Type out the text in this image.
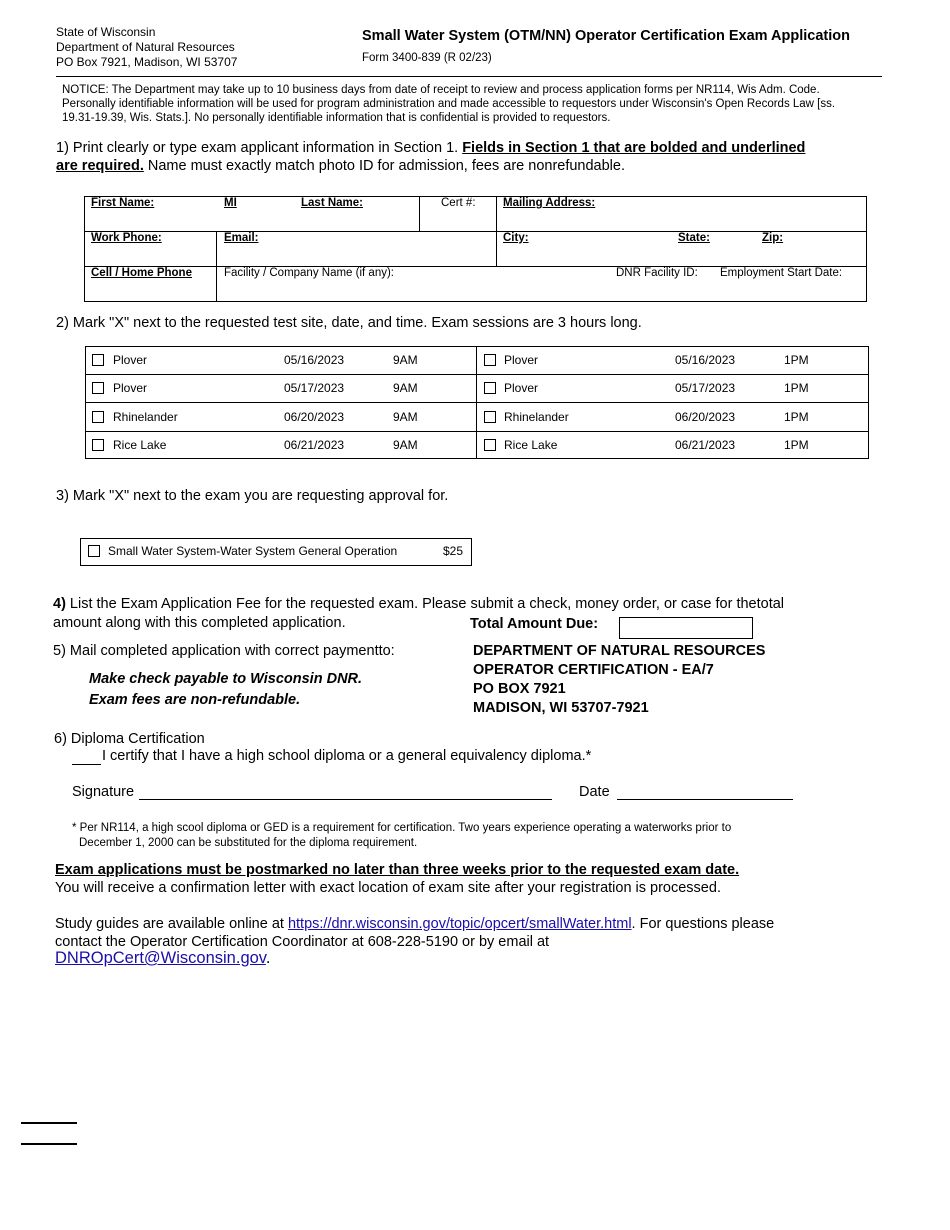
State of Wisconsin
Department of Natural Resources
PO Box 7921, Madison, WI 53707
Small Water System (OTM/NN) Operator Certification Exam Application
Form 3400-839 (R 02/23)
NOTICE: The Department may take up to 10 business days from date of receipt to review and process application forms per NR114, Wis Adm. Code. Personally identifiable information will be used for program administration and made accessible to requestors under Wisconsin's Open Records Law [ss. 19.31-19.39, Wis. Stats.]. No personally identifiable information that is confidential is provided to requestors.
1) Print clearly or type exam applicant information in Section 1. Fields in Section 1 that are bolded and underlined are required. Name must exactly match photo ID for admission, fees are nonrefundable.
First Name:	MI	Last Name:	Cert #: Mailing Address:
Work Phone:	Email:	City:	State:	Zip:
Cell / Home Phone	Facility / Company Name (if any):	DNR Facility ID: Employment Start Date:
2) Mark "X" next to the requested test site, date, and time. Exam sessions are 3 hours long.
Plover	05/16/2023	9AM
Plover	05/17/2023	9AM
Rhinelander	06/20/2023	9AM
Rice Lake	06/21/2023	9AM
Plover	05/16/2023	1PM
Plover	05/17/2023	1PM
Rhinelander	06/20/2023	1PM
Rice Lake	06/21/2023	1PM
3) Mark "X" next to the exam you are requesting approval for.
Small Water System-Water System General Operation	$25
4) List the Exam Application Fee for the requested exam. Please submit a check, money order, or case for thetotal
amount along with this completed application.	Total Amount Due:
5) Mail completed application with correct paymentto:
Make check payable to Wisconsin DNR.
Exam fees are non-refundable.
DEPARTMENT OF NATURAL RESOURCES
OPERATOR CERTIFICATION - EA/7
PO BOX 7921
MADISON, WI 53707-7921
6) Diploma Certification
I certify that I have a high school diploma or a general equivalency diploma.*
Signature	Date
* Per NR114, a high scool diploma or GED is a requirement for certification. Two years experience operating a waterworks prior to
December 1, 2000 can be substituted for the diploma requirement.
Exam applications must be postmarked no later than three weeks prior to the requested exam date.
You will receive a confirmation letter with exact location of exam site after your registration is processed.
Study guides are available online at https://dnr.wisconsin.gov/topic/opcert/smallWater.html. For questions please
contact the Operator Certification Coordinator at 608-228-5190 or by email at
DNROpCert@Wisconsin.gov.
